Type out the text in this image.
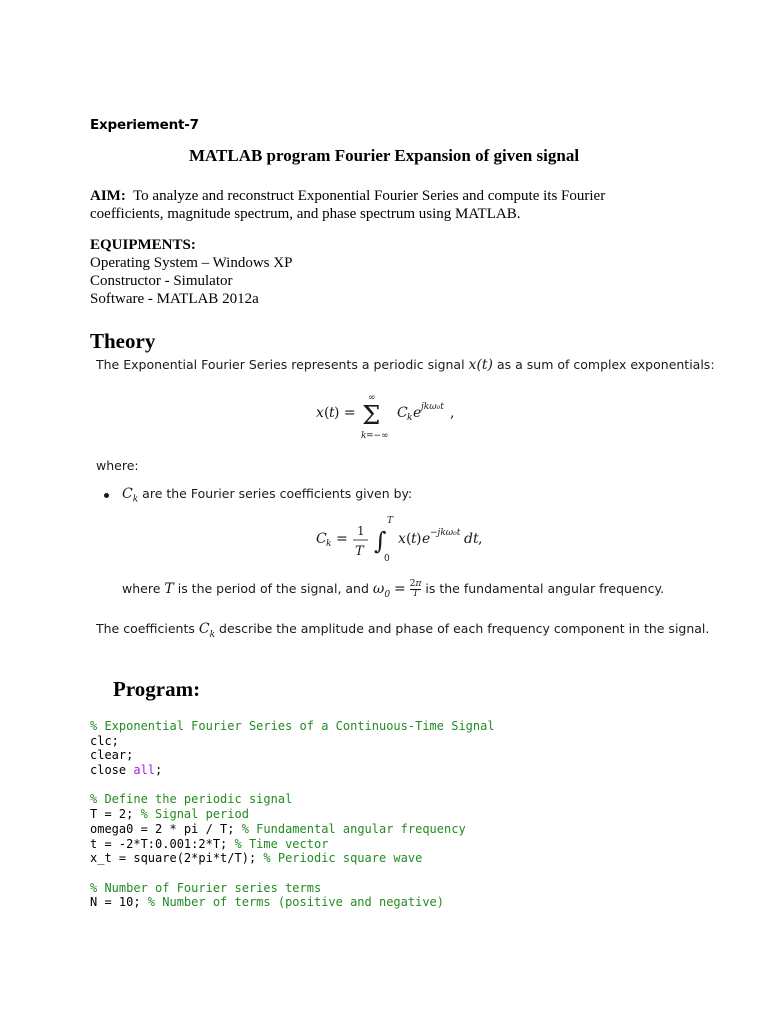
Experiement-7
MATLAB program Fourier Expansion of given signal
AIM: To analyze and reconstruct Exponential Fourier Series and compute its Fourier coefficients, magnitude spectrum, and phase spectrum using MATLAB.
EQUIPMENTS:
Operating System – Windows XP
Constructor - Simulator
Software - MATLAB 2012a
Theory
The Exponential Fourier Series represents a periodic signal x(t) as a sum of complex exponentials:
x ( t ) =
∞
Σ
k =−∞
C k e jkω₀t ,
where:
$C_k$ are the Fourier series coefficients given by:
C k = 1
T ∫
T
0
x ( t ) e −jkω₀t dt ,
where T is the period of the signal, and $\omega_0 = \frac{2\pi}{T}$ is the fundamental angular frequency.
The coefficients $C_k$ describe the amplitude and phase of each frequency component in the signal.
Program:
% Exponential Fourier Series of a Continuous-Time Signal
clc;
clear;
close all;
% Define the periodic signal
T = 2; % Signal period
omega0 = 2 * pi / T; % Fundamental angular frequency
t = -2*T:0.001:2*T; % Time vector
x_t = square(2*pi*t/T); % Periodic square wave
% Number of Fourier series terms
N = 10; % Number of terms (positive and negative)
